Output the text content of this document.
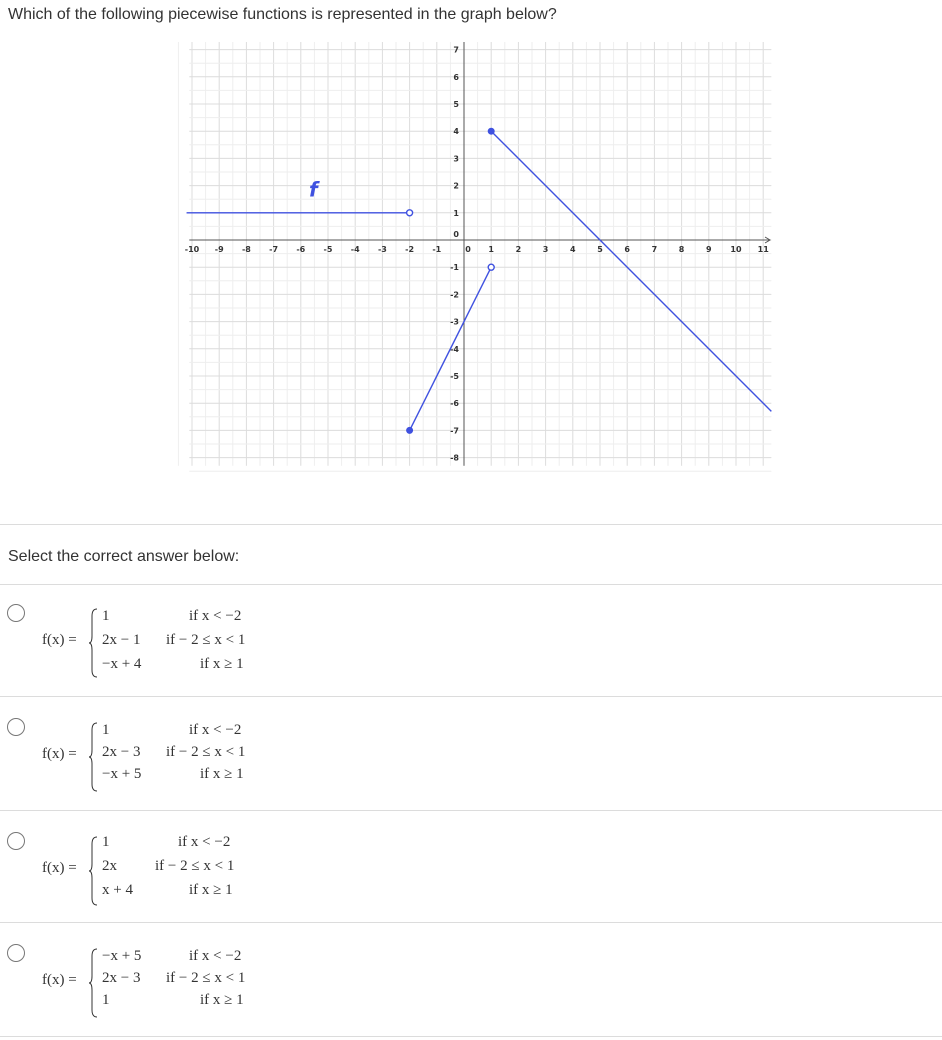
Which of the following piecewise functions is represented in the graph below?
-10 -9 -8 -7 -6 -5 -4 -3 -2 -1	0 1	2	3	4	5	6	7	8	9 10 11
7
6
5
4
3
2
1
-1
-2
-3
-4
-5
-6
-7
-8
0
f
Select the correct answer below:
f(x) =
1	if x < −2
2x − 1 if − 2 ≤ x < 1
−x + 4	if x ≥ 1
f(x) =
1	if x < −2
2x − 3 if − 2 ≤ x < 1
−x + 5	if x ≥ 1
f(x) =
1	if x < −2
2x	if − 2 ≤ x < 1
x + 4	if x ≥ 1
f(x) =
−x + 5	if x < −2
2x − 3 if − 2 ≤ x < 1
1	if x ≥ 1
